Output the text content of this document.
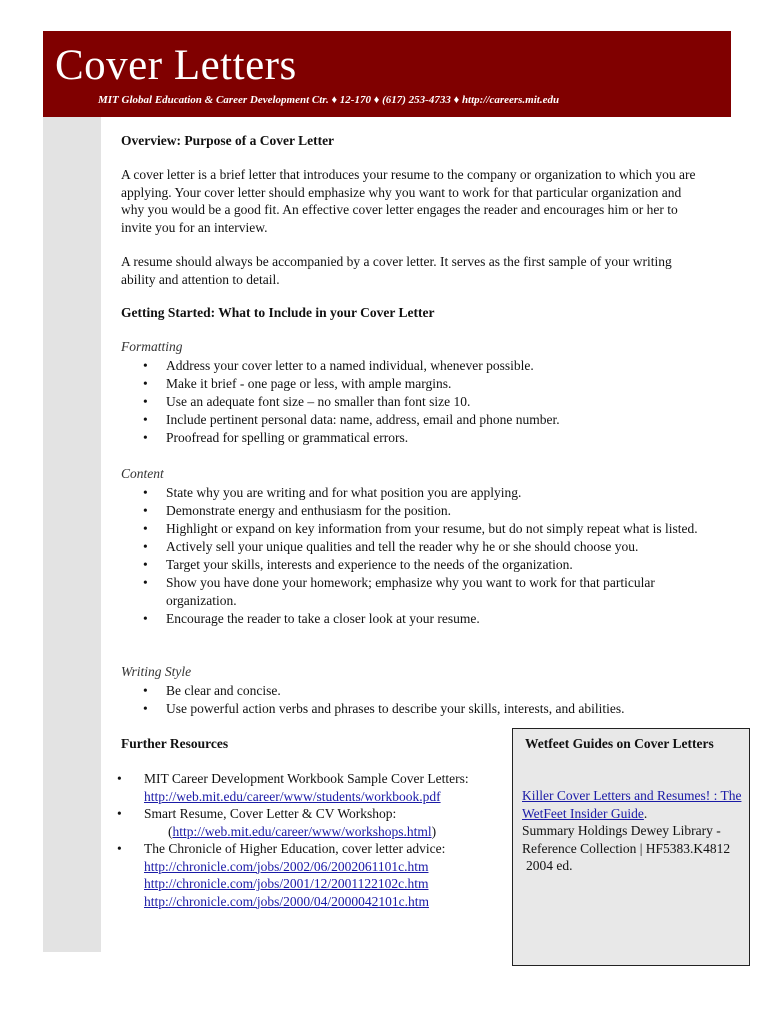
Cover Letters
MIT Global Education & Career Development Ctr. ♦ 12-170 ♦ (617) 253-4733 ♦ http://careers.mit.edu
Overview: Purpose of a Cover Letter
A cover letter is a brief letter that introduces your resume to the company or organization to which you are applying. Your cover letter should emphasize why you want to work for that particular organization and why you would be a good fit. An effective cover letter engages the reader and encourages him or her to invite you for an interview.
A resume should always be accompanied by a cover letter. It serves as the first sample of your writing ability and attention to detail.
Getting Started: What to Include in your Cover Letter
Formatting
• Address your cover letter to a named individual, whenever possible.
• Make it brief - one page or less, with ample margins.
• Use an adequate font size – no smaller than font size 10.
• Include pertinent personal data: name, address, email and phone number.
• Proofread for spelling or grammatical errors.
Content
• State why you are writing and for what position you are applying.
• Demonstrate energy and enthusiasm for the position.
• Highlight or expand on key information from your resume, but do not simply repeat what is listed.
• Actively sell your unique qualities and tell the reader why he or she should choose you.
• Target your skills, interests and experience to the needs of the organization.
• Show you have done your homework; emphasize why you want to work for that particular organization.
• Encourage the reader to take a closer look at your resume.
Writing Style
• Be clear and concise.
• Use powerful action verbs and phrases to describe your skills, interests, and abilities.
Further Resources
• MIT Career Development Workbook Sample Cover Letters:
http://web.mit.edu/career/www/students/workbook.pdf
• Smart Resume, Cover Letter & CV Workshop:
(http://web.mit.edu/career/www/workshops.html)
• The Chronicle of Higher Education, cover letter advice:
http://chronicle.com/jobs/2002/06/2002061101c.htm
http://chronicle.com/jobs/2001/12/2001122102c.htm
http://chronicle.com/jobs/2000/04/2000042101c.htm
Wetfeet Guides on Cover Letters
Killer Cover Letters and Resumes! : The WetFeet Insider Guide.
Summary Holdings Dewey Library - Reference Collection | HF5383.K4812
2004 ed.
